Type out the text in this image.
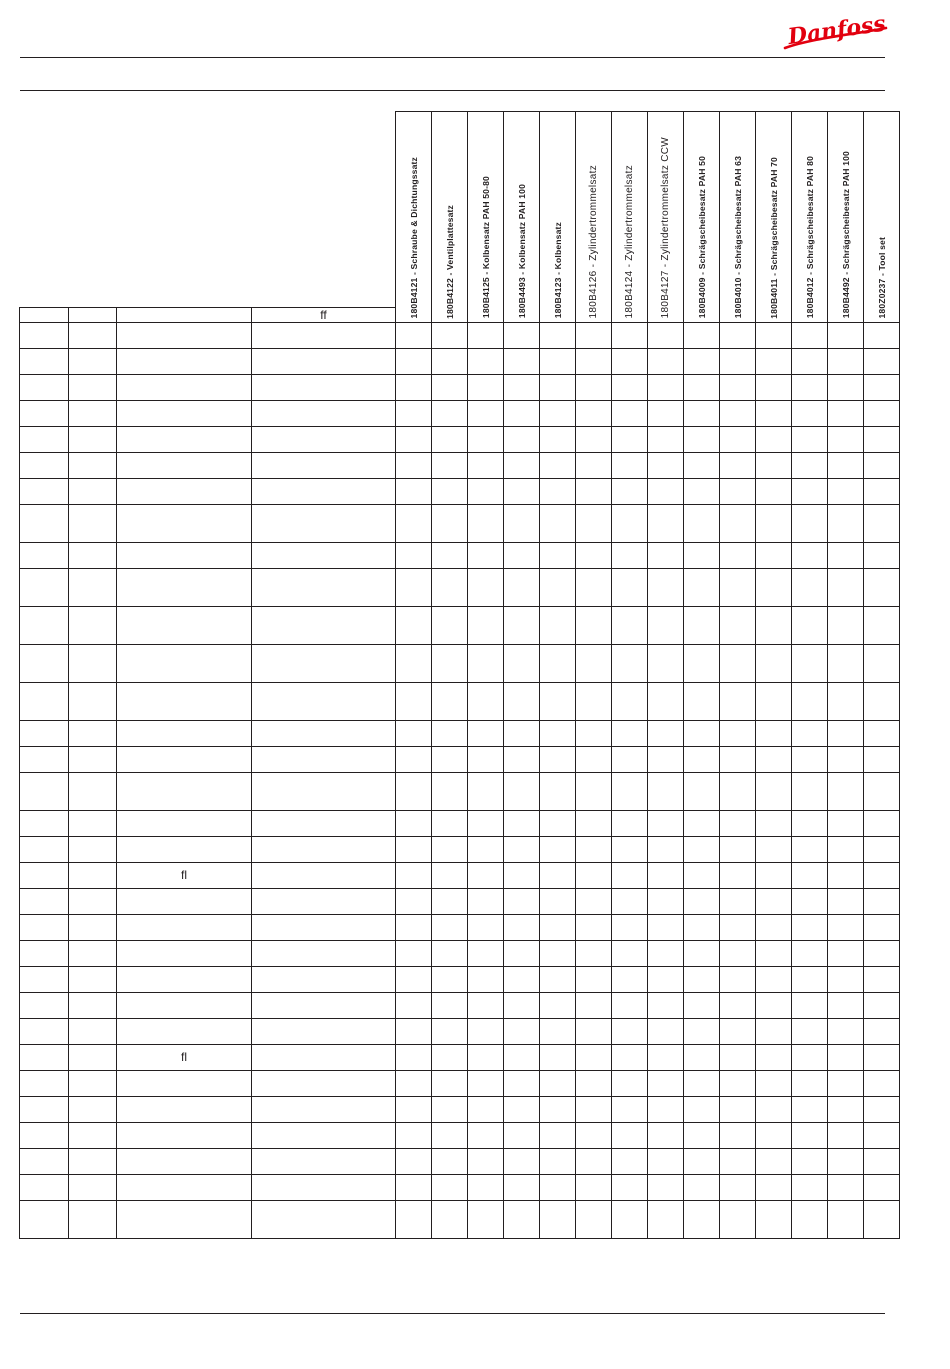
Danfoss
				180B4121 - Schraube & Dichtungssatz	180B4122 - Ventilplattesatz	180B4125 - Kolbensatz PAH 50-80	180B4493 - Kolbensatz PAH 100	180B4123 - Kolbensatz	180B4126 - Zylindertrommelsatz	180B4124 - Zylindertrommelsatz	180B4127 - Zylindertrommelsatz CCW	180B4009 - Schrägscheibesatz PAH 50	180B4010 - Schrägscheibesatz PAH 63	180B4011 - Schrägscheibesatz PAH 70	180B4012 - Schrägscheibesatz PAH 80	180B4492 - Schrägscheibesatz PAH 100	180Z0237 - Tool set
			ff														

		fl															

		fl															
